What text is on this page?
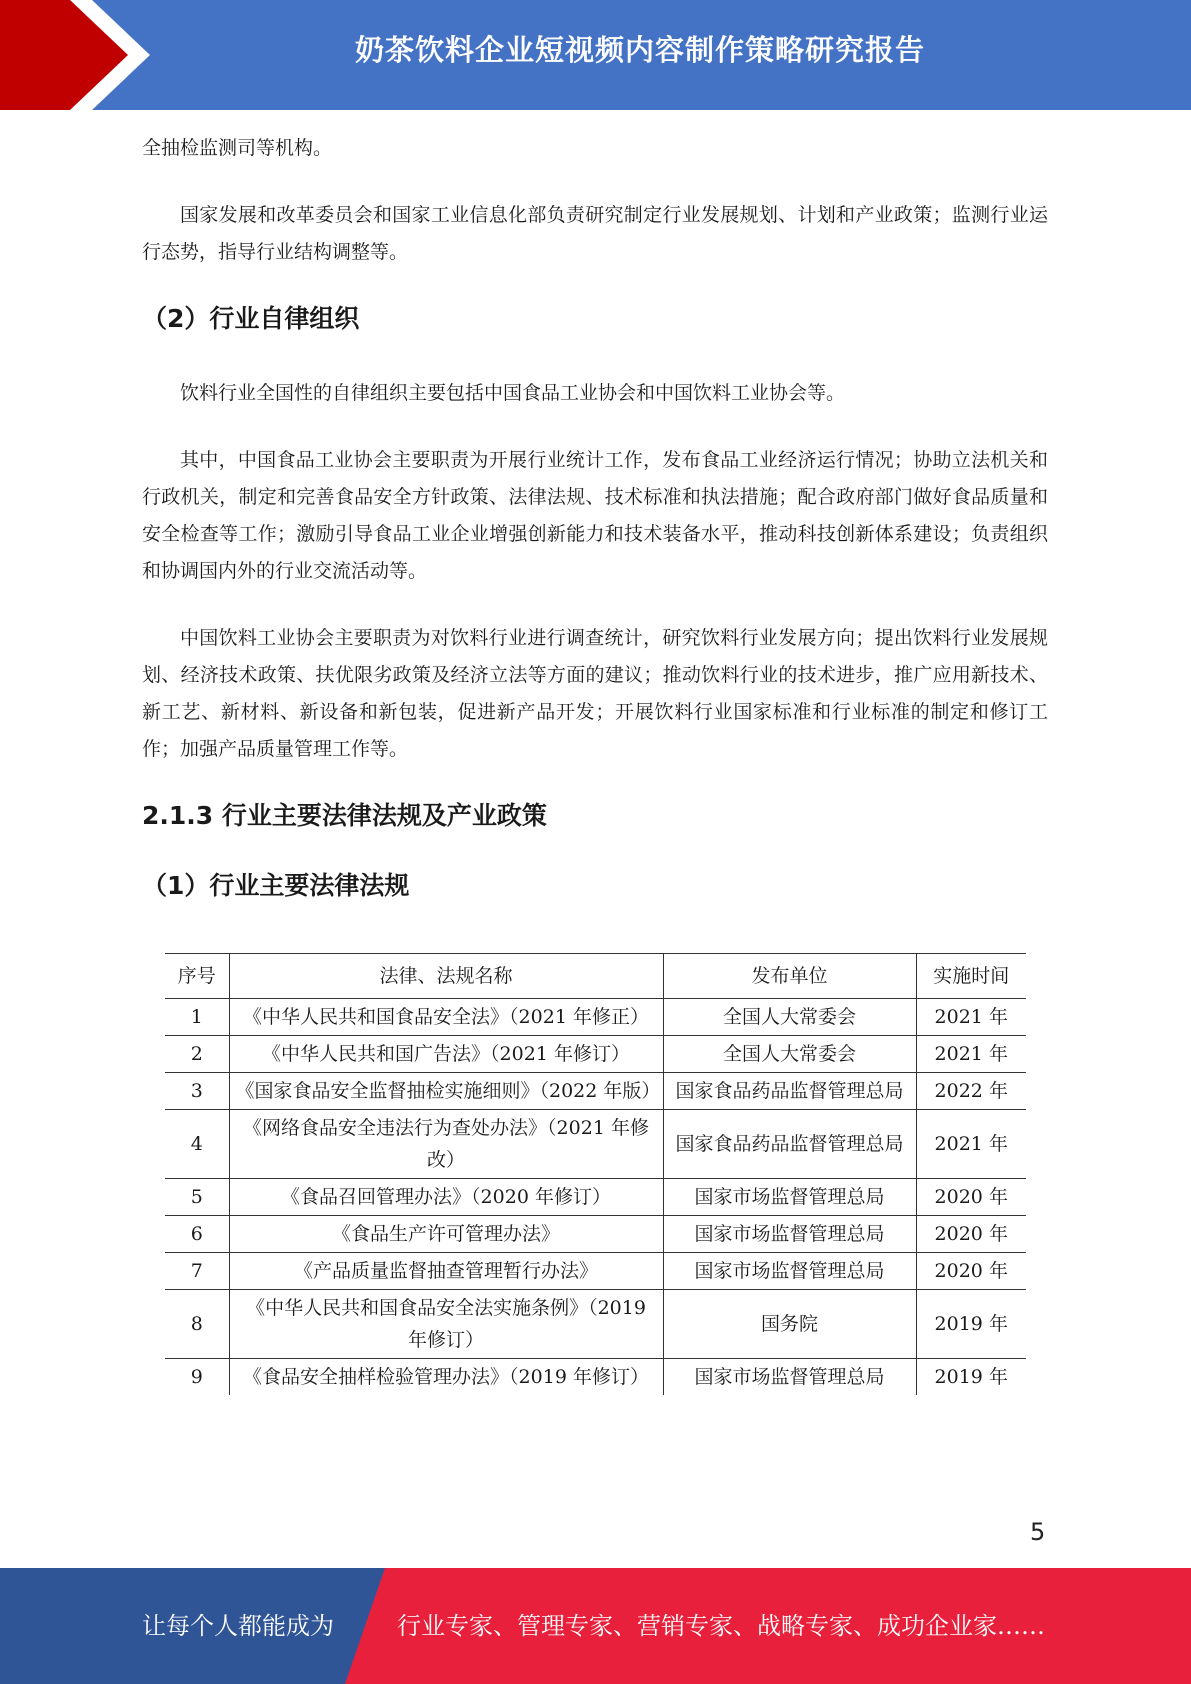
奶茶饮料企业短视频内容制作策略研究报告

全抽检监测司等机构。

国家发展和改革委员会和国家工业信息化部负责研究制定行业发展规划、计划和产业政策；监测行业运行态势，指导行业结构调整等。

（2）行业自律组织

饮料行业全国性的自律组织主要包括中国食品工业协会和中国饮料工业协会等。

其中，中国食品工业协会主要职责为开展行业统计工作，发布食品工业经济运行情况；协助立法机关和行政机关，制定和完善食品安全方针政策、法律法规、技术标准和执法措施；配合政府部门做好食品质量和安全检查等工作；激励引导食品工业企业增强创新能力和技术装备水平，推动科技创新体系建设；负责组织和协调国内外的行业交流活动等。

中国饮料工业协会主要职责为对饮料行业进行调查统计，研究饮料行业发展方向；提出饮料行业发展规划、经济技术政策、扶优限劣政策及经济立法等方面的建议；推动饮料行业的技术进步，推广应用新技术、新工艺、新材料、新设备和新包装，促进新产品开发；开展饮料行业国家标准和行业标准的制定和修订工作；加强产品质量管理工作等。

2.1.3 行业主要法律法规及产业政策
（1）行业主要法律法规
序号	法律、法规名称	发布单位	实施时间
1	《中华人民共和国食品安全法》（2021 年修正）	全国人大常委会	2021 年
2	《中华人民共和国广告法》（2021 年修订）	全国人大常委会	2021 年
3	《国家食品安全监督抽检实施细则》（2022 年版）	国家食品药品监督管理总局	2022 年
4	《网络食品安全违法行为查处办法》（2021 年修改）	国家食品药品监督管理总局	2021 年
5	《食品召回管理办法》（2020 年修订）	国家市场监督管理总局	2020 年
6	《食品生产许可管理办法》	国家市场监督管理总局	2020 年
7	《产品质量监督抽查管理暂行办法》	国家市场监督管理总局	2020 年
8	《中华人民共和国食品安全法实施条例》（2019 年修订）	国务院	2019 年
9	《食品安全抽样检验管理办法》（2019 年修订）	国家市场监督管理总局	2019 年
5
让每个人都能成为	行业专家、管理专家、营销专家、战略专家、成功企业家……
